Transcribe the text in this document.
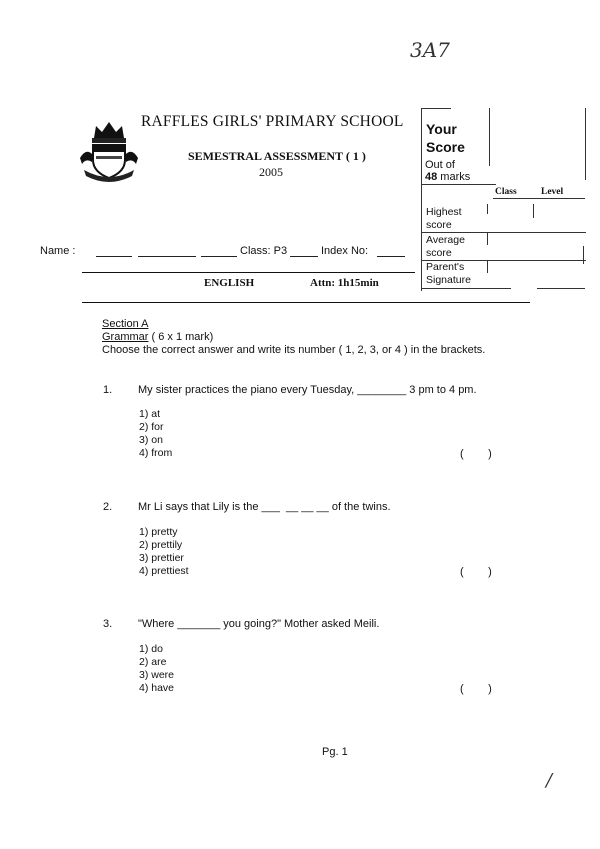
3A7
RAFFLES GIRLS' PRIMARY SCHOOL
SEMESTRAL ASSESSMENT ( 1 )
2005
Your
Score
Out of
48 marks
Class	Level
Highest score
Average score
Parent's Signature
Name :	Class: P3	Index No:
ENGLISH	Attn: 1h15min
Section A
Grammar ( 6 x 1 mark)
Choose the correct answer and write its number ( 1, 2, 3, or 4 ) in the brackets.
1. My sister practices the piano every Tuesday, ________ 3 pm to 4 pm.
1) at
2) for
3) on
4) from	(        )
2. Mr Li says that Lily is the ___  __ __ __ of the twins.
1) pretty
2) prettily
3) prettier
4) prettiest	(        )
3. "Where _______ you going?" Mother asked Meili.
1) do
2) are
3) were
4) have	(        )
Pg. 1
/
